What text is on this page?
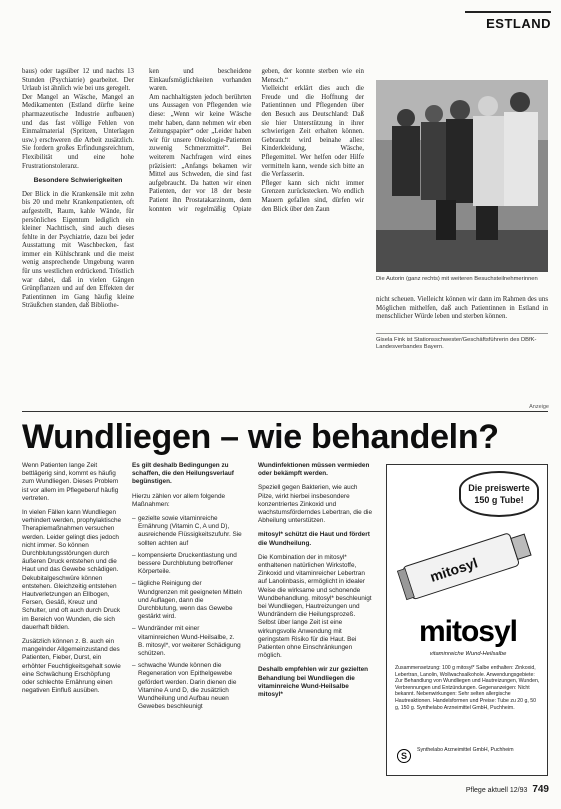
ESTLAND

baus) oder tagsüber 12 und nachts 13 Stunden (Psychiatrie) gearbeitet. Der Urlaub ist ähnlich wie bei uns geregelt.

Der Mangel an Wäsche, Mangel an Medikamenten (Estland dürfte keine pharmazeutische Industrie aufbauen) und das fast völlige Fehlen von Einmalmaterial (Spritzen, Unterlagen usw.) erschweren die Arbeit zusätzlich. Sie fordern großes Erfindungsreichtum, Flexibilität und eine hohe Frustrationstoleranz.

Besondere Schwierigkeiten

Der Blick in die Krankensäle mit zehn bis 20 und mehr Krankenpatienten, oft aufgestellt, Raum, kahle Wände, für persönliches Eigentum lediglich ein kleiner Nachttisch, sind auch dieses fehlte in der Psychiatrie, dazu bei jeder Ausstattung mit Waschbecken, fast immer ein Kühlschrank und die meist wenig ansprechende Umgebung waren für uns westlichen erdrückend. Tröstlich war dabei, daß in vielen Gängen Grünpflanzen und auf den Effekten der Patientinnen im Gang häufig kleine Sträußchen standen, daß Bibliothe-

ken und bescheidene Einkaufsmöglichkeiten vorhanden waren.

Am nachhaltigsten jedoch berührten uns Aussagen von Pflegenden wie diese: „Wenn wir keine Wäsche mehr haben, dann nehmen wir eben Zeitungspapier“ oder „Leider haben wir für unsere Onkologie-Patienten zuwenig Schmerzmittel“. Bei weiterem Nachfragen wird eines präzisiert: „Anfangs bekamen wir Mittel aus Schweden, die sind fast aufgebraucht. Da hatten wir einen Patienten, der vor 18 der beste Patient ihn Prostatakarzinom, dem konnten wir regelmäßig Opiate geben, der konnte sterben wie ein Mensch.“

Vielleicht erklärt dies auch die Freude und die Hoffnung der Patientinnen und Pflegenden über den Besuch aus Deutschland: Daß sie hier Unterstützung in ihrer schwierigen Zeit erhalten können. Gebraucht wird beinahe alles: Kinderkleidung, Wäsche, Pflegemittel. Wer helfen oder Hilfe vermitteln kann, wende sich bitte an die Verfasserin.

Pfleger kann sich nicht immer Grenzen zurückstecken. Wo endlich Mauern gefallen sind, dürfen wir den Blick über den Zaun

Die Autorin (ganz rechts) mit weiteren Besuchsteilnehmerinnen

nicht scheuen. Vielleicht können wir dann im Rahmen des uns Möglichen mithelfen, daß auch Patientinnen in Estland in menschlicher Würde leben und sterben können.

Gisela Fink ist Stationsschwester/Geschäftsführerin des DBfK-Landesverbandes Bayern.
Anzeige
Wundliegen – wie behandeln?

Wenn Patienten lange Zeit bettlägerig sind, kommt es häufig zum Wundliegen. Dieses Problem ist vor allem im Pflegeberuf häufig vertreten.

In vielen Fällen kann Wundliegen verhindert werden, prophylaktische Therapiemaßnahmen versuchen werden. Leider gelingt dies jedoch nicht immer. So können Durchblutungsstörungen durch äußeren Druck entstehen und die Haut und das Gewebe schädigen. Dekubitalgeschwüre können entstehen. Gleichzeitig entstehen Hautverletzungen an Ellbogen, Fersen, Gesäß, Kreuz und Schulter, und oft auch durch Druck im Bereich von Wunden, die sich dauerhaft bilden.

Zusätzlich können z. B. auch ein mangelnder Allgemeinzustand des Patienten, Fieber, Durst, ein erhöhter Feuchtigkeitsgehalt sowie eine Schwächung Erschöpfung oder schlechte Ernährung einen negativen Einfluß ausüben.

Es gilt deshalb Bedingungen zu schaffen, die den Heilungsverlauf begünstigen.

Hierzu zählen vor allem folgende Maßnahmen:

– gezielte sowie vitaminreiche Ernährung (Vitamin C, A und D), ausreichende Flüssigkeitszufuhr. Sie sollten achten auf
– kompensierte Druckentlastung und bessere Durchblutung betroffener Körperteile.
– tägliche Reinigung der Wundgrenzen mit geeigneten Mitteln und Auflagen, dann die Durchblutung, wenn das Gewebe gestärkt wird.
– Wundränder mit einer vitaminreichen Wund-Heilsalbe, z. B. mitosyl*, vor weiterer Schädigung schützen.
– schwache Wunde können die Regeneration von Epithelgewebe gefördert werden. Darin dienen die Vitamine A und D, die zusätzlich Wundheilung und Aufbau neuen Gewebes beschleunigt

Wundinfektionen müssen vermieden oder bekämpft werden.

Speziell gegen Bakterien, wie auch Pilze, wirkt hierbei insbesondere konzentriertes Zinkoxid und wachstumsförderndes Lebertran, die die Abheilung unterstützen.

mitosyl* schützt die Haut und fördert die Wundheilung.

Die Kombination der in mitosyl* enthaltenen natürlichen Wirkstoffe, Zinkoxid und vitaminreicher Lebertran auf Lanolinbasis, ermöglicht in idealer Weise die wirksame und schonende Wundbehandlung. mitosyl* beschleunigt bei Wundliegen, Hautreizungen und Wundrändern die Heilungsprozeß. Selbst über lange Zeit ist eine wirkungsvolle Anwendung mit geringstem Risiko für die Haut. Bei Patienten ohne Einschränkungen möglich.

Deshalb empfehlen wir zur gezielten Behandlung bei Wundliegen die vitaminreiche Wund-Heilsalbe mitosyl*

Die preiswerte
150 g Tube!
mitosyl
mitosyl
vitaminreiche Wund-Heilsalbe
Zusammensetzung: 100 g mitosyl* Salbe enthalten: Zinkoxid, Lebertran, Lanolin, Wollwachsalkohole. Anwendungsgebiete: Zur Behandlung von Wundliegen und Hautreizungen, Wunden, Verbrennungen und Entzündungen. Gegenanzeigen: Nicht bekannt. Nebenwirkungen: Sehr selten allergische Hautreaktionen. Handelsformen und Preise: Tube zu 20 g, 50 g, 150 g. Synthelabo Arzneimittel GmbH, Puchheim.
S
Synthelabo Arzneimittel GmbH, Puchheim
Pflege aktuell 12/93 749
